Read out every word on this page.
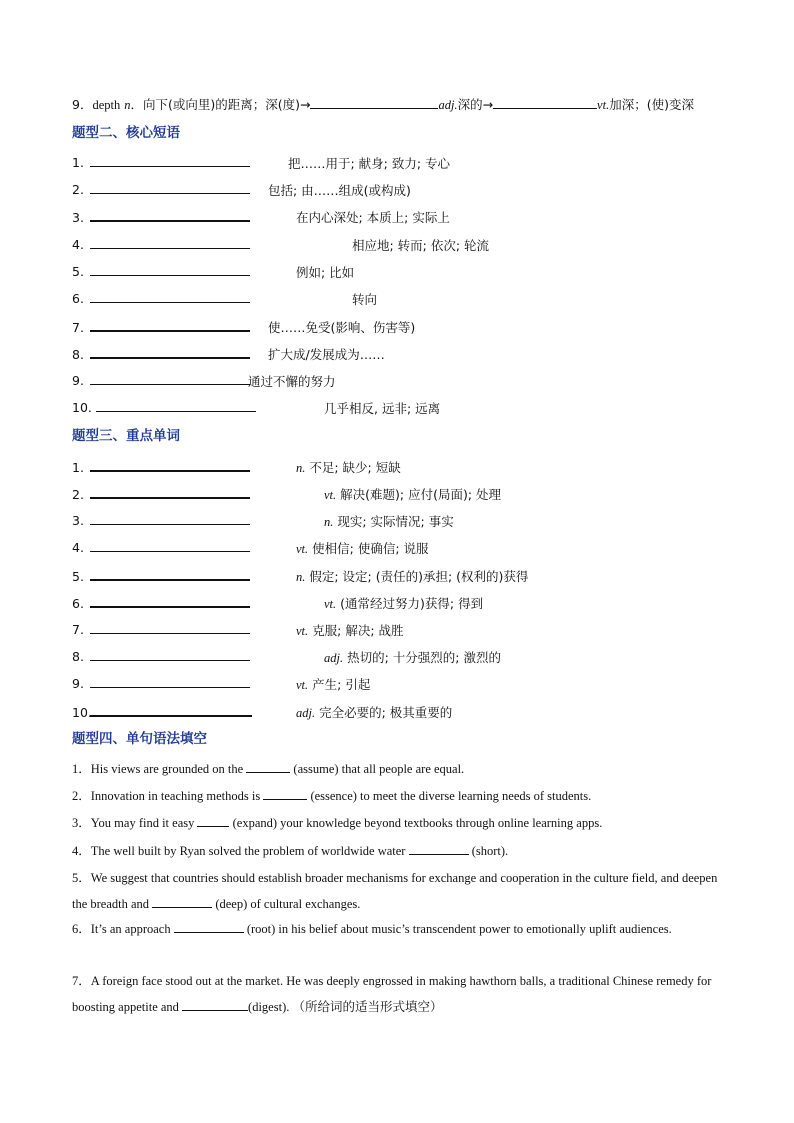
9．depth n．向下(或向里)的距离；深(度)→	adj.深的→	vt.加深；(使)变深
题型二、核心短语
1.	把……用于; 献身; 致力; 专心
2.	包括; 由……组成(或构成)
3.	在内心深处; 本质上; 实际上
4.	相应地; 转而; 依次; 轮流
5.	例如; 比如
6.	转向
7.	使……免受(影响、伤害等)
8.	扩大成/发展成为……
9.	通过不懈的努力
10.	几乎相反, 远非; 远离
题型三、重点单词
1.	n. 不足; 缺少; 短缺
2.	vt. 解决(难题); 应付(局面); 处理
3.	n. 现实; 实际情况; 事实
4.	vt. 使相信; 使确信; 说服
5.	n. 假定; 设定; (责任的)承担; (权利的)获得
6.	vt. (通常经过努力)获得; 得到
7.	vt. 克服; 解决; 战胜
8.	adj. 热切的; 十分强烈的; 激烈的
9.	vt. 产生; 引起
10.	adj. 完全必要的; 极其重要的
题型四、单句语法填空
1．His views are grounded on the	(assume) that all people are equal.
2．Innovation in teaching methods is	(essence) to meet the diverse learning needs of students.
3．You may find it easy	(expand) your knowledge beyond textbooks through online learning apps.
4．The well built by Ryan solved the problem of worldwide water	(short).
5．We suggest that countries should establish broader mechanisms for exchange and cooperation in the culture field, and deepen the breadth and	(deep) of cultural exchanges.
6．It’s an approach	(root) in his belief about music’s transcendent power to emotionally uplift audiences.
7．A foreign face stood out at the market. He was deeply engrossed in making hawthorn balls, a traditional Chinese remedy for boosting appetite and	(digest). （所给词的适当形式填空）
